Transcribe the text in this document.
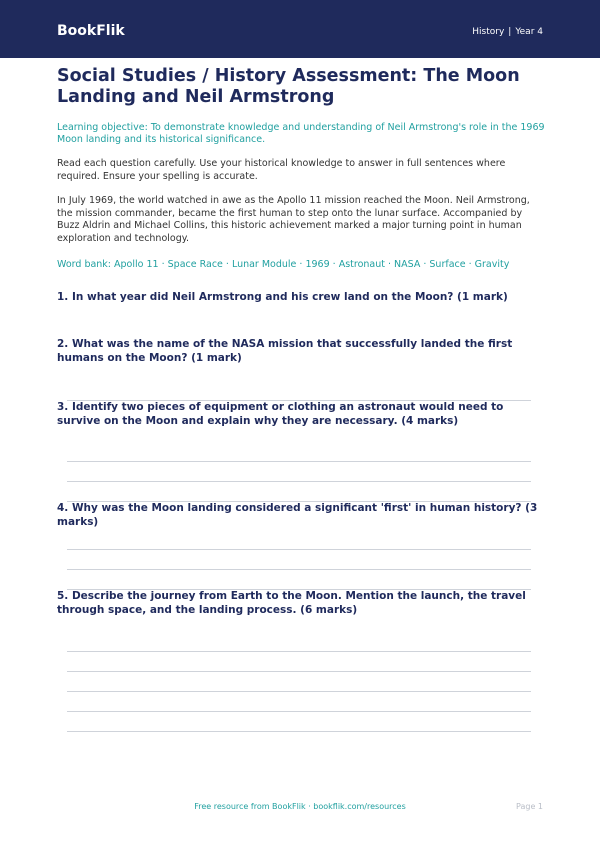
BookFlik	History | Year 4
Social Studies / History Assessment: The Moon Landing and Neil Armstrong

Learning objective: To demonstrate knowledge and understanding of Neil Armstrong's role in the 1969 Moon landing and its historical significance.

Read each question carefully. Use your historical knowledge to answer in full sentences where required. Ensure your spelling is accurate.

In July 1969, the world watched in awe as the Apollo 11 mission reached the Moon. Neil Armstrong, the mission commander, became the first human to step onto the lunar surface. Accompanied by Buzz Aldrin and Michael Collins, this historic achievement marked a major turning point in human exploration and technology.

Word bank: Apollo 11 · Space Race · Lunar Module · 1969 · Astronaut · NASA · Surface · Gravity

1. In what year did Neil Armstrong and his crew land on the Moon? (1 mark)

2. What was the name of the NASA mission that successfully landed the first humans on the Moon? (1 mark)

3. Identify two pieces of equipment or clothing an astronaut would need to survive on the Moon and explain why they are necessary. (4 marks)

4. Why was the Moon landing considered a significant 'first' in human history? (3 marks)

5. Describe the journey from Earth to the Moon. Mention the launch, the travel through space, and the landing process. (6 marks)

Free resource from BookFlik · bookflik.com/resources	Page 1
